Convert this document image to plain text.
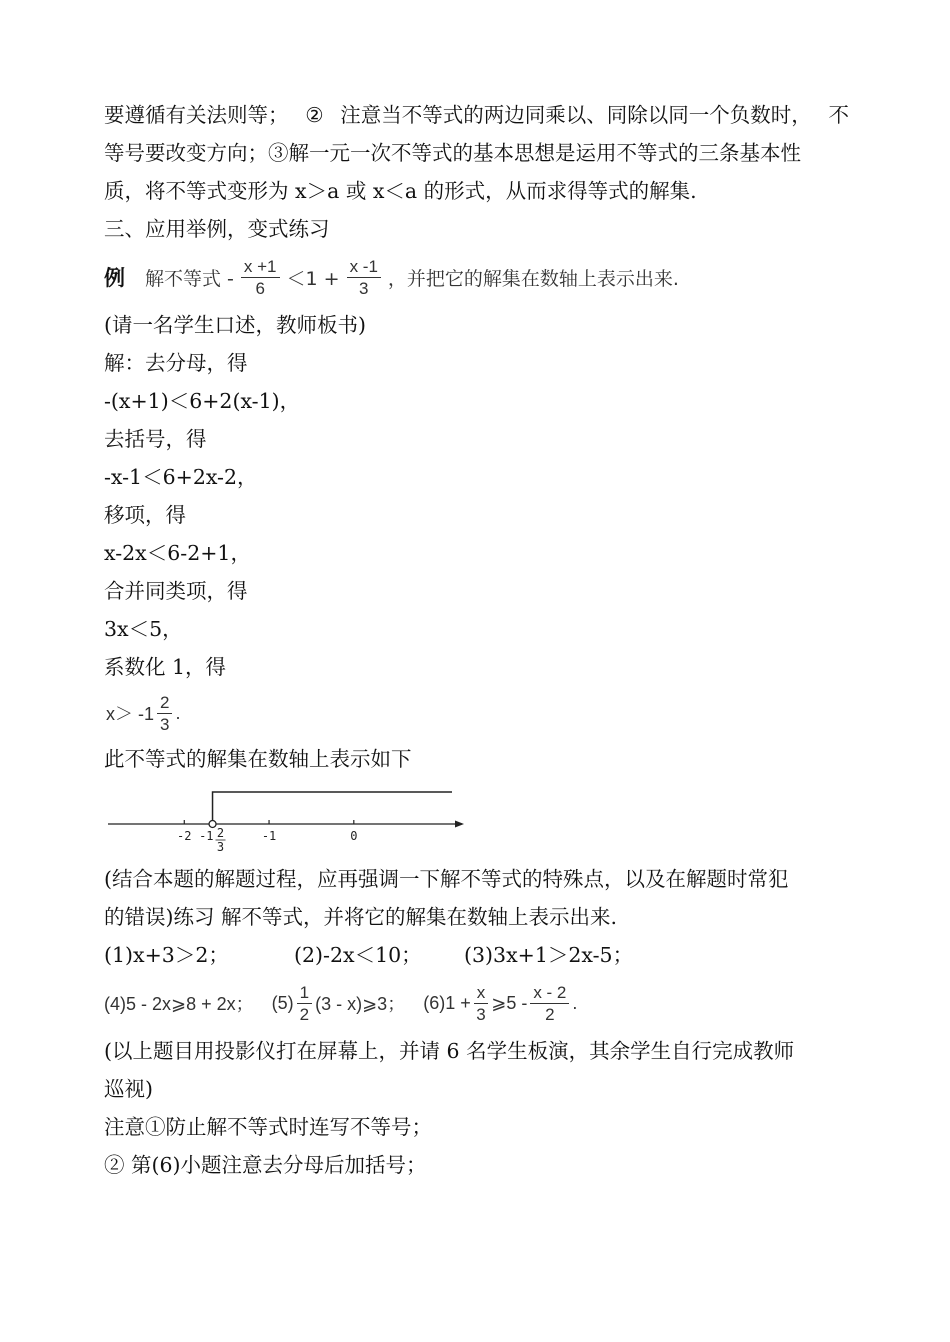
要遵循有关法则等； ② 注意当不等式的两边同乘以、同除以同一个负数时， 不
等号要改变方向；③解一元一次不等式的基本思想是运用不等式的三条基本性
质，将不等式变形为 x＞a 或 x＜a 的形式，从而求得等式的解集.
三、应用举例，变式练习
例 解不等式 - $\frac{x +1}{6} <1 + \frac{x -1}{3}$ ，并把它的解集在数轴上表示出来.
(请一名学生口述，教师板书)
解：去分母，得
-(x+1)＜6+2(x-1)，
去括号，得
-x-1＜6+2x-2，
移项，得
x-2x＜6-2+1，
合并同类项，得
3x＜5，
系数化 1，得
$x> -1 \frac{2}{3}$ .
此不等式的解集在数轴上表示如下
-2	-1	0
-1 2
3
(结合本题的解题过程，应再强调一下解不等式的特殊点，以及在解题时常犯
的错误)练习 解不等式，并将它的解集在数轴上表示出来.
(1)x+3＞2；	(2)-2x＜10；	(3)3x+1＞2x-5；
(4)5 - 2x⩾8 + 2x； $(5) \frac{1}{2} (3$ - x)⩾3； $(6)1 + \frac{x}{3}$ ⩾5 - $\frac{x - 2}{2}$ .
(以上题目用投影仪打在屏幕上，并请 6 名学生板演，其余学生自行完成教师
巡视)
注意①防止解不等式时连写不等号；
② 第(6)小题注意去分母后加括号；
